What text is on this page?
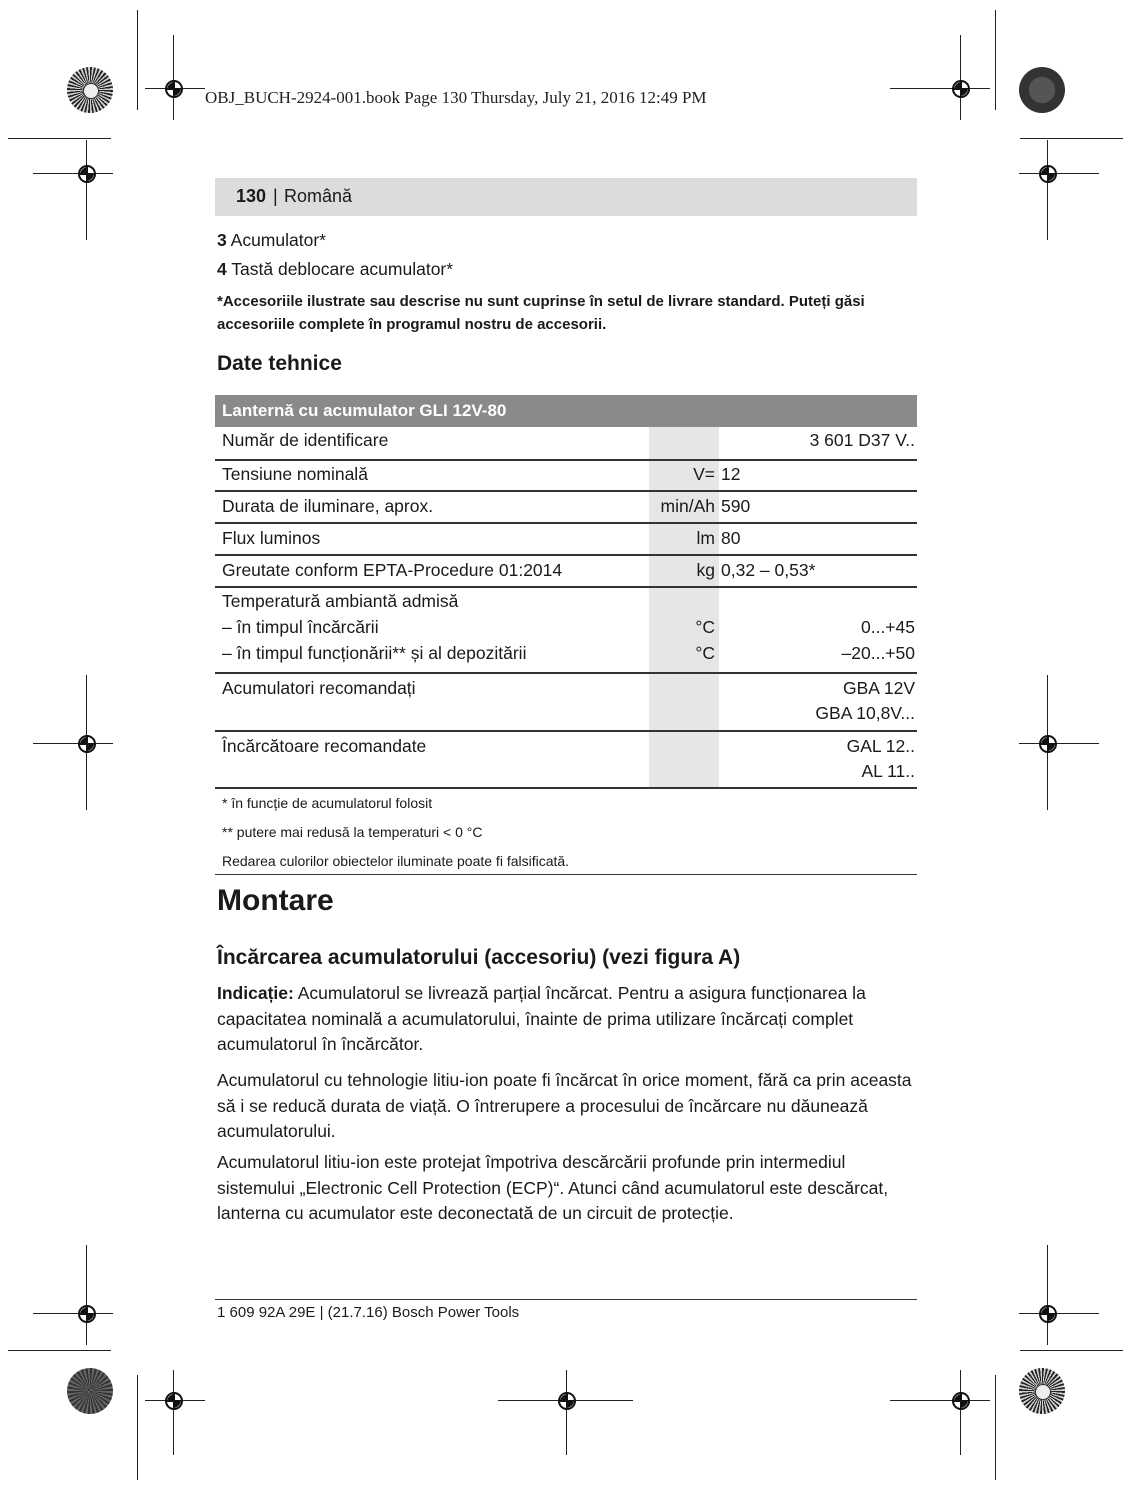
OBJ_BUCH-2924-001.book Page 130 Thursday, July 21, 2016 12:49 PM
130 | Română
3 Acumulator*
4 Tastă deblocare acumulator*
*Accesoriile ilustrate sau descrise nu sunt cuprinse în setul de livrare standard. Puteți găsi accesoriile complete în programul nostru de accesorii.
Date tehnice
Lanternă cu acumulator GLI 12V-80
Număr de identificare	3 601 D37 V..
Tensiune nominală	V= 12
Durata de iluminare, aprox.	min/Ah 590
Flux luminos	lm 80
Greutate conform EPTA-Procedure 01:2014	kg 0,32 – 0,53*
Temperatură ambiantă admisă
– în timpul încărcării	°C	0...+45
– în timpul funcționării** și al depozitării	°C	–20...+50
Acumulatori recomandați	GBA 12V
GBA 10,8V...
Încărcătoare recomandate	GAL 12..
AL 11..
* în funcție de acumulatorul folosit
** putere mai redusă la temperaturi < 0 °C
Redarea culorilor obiectelor iluminate poate fi falsificată.
Montare
Încărcarea acumulatorului (accesoriu) (vezi figura A)
Indicație: Acumulatorul se livrează parțial încărcat. Pentru a asigura funcționarea la capacitatea nominală a acumulatorului, înainte de prima utilizare încărcați complet acumulatorul în încărcător.
Acumulatorul cu tehnologie litiu-ion poate fi încărcat în orice moment, fără ca prin aceasta să i se reducă durata de viață. O întrerupere a procesului de încărcare nu dăunează acumulatorului.
Acumulatorul litiu-ion este protejat împotriva descărcării profunde prin intermediul sistemului „Electronic Cell Protection (ECP)“. Atunci când acumulatorul este descărcat, lanterna cu acumulator este deconectată de un circuit de protecție.
1 609 92A 29E | (21.7.16) Bosch Power Tools
